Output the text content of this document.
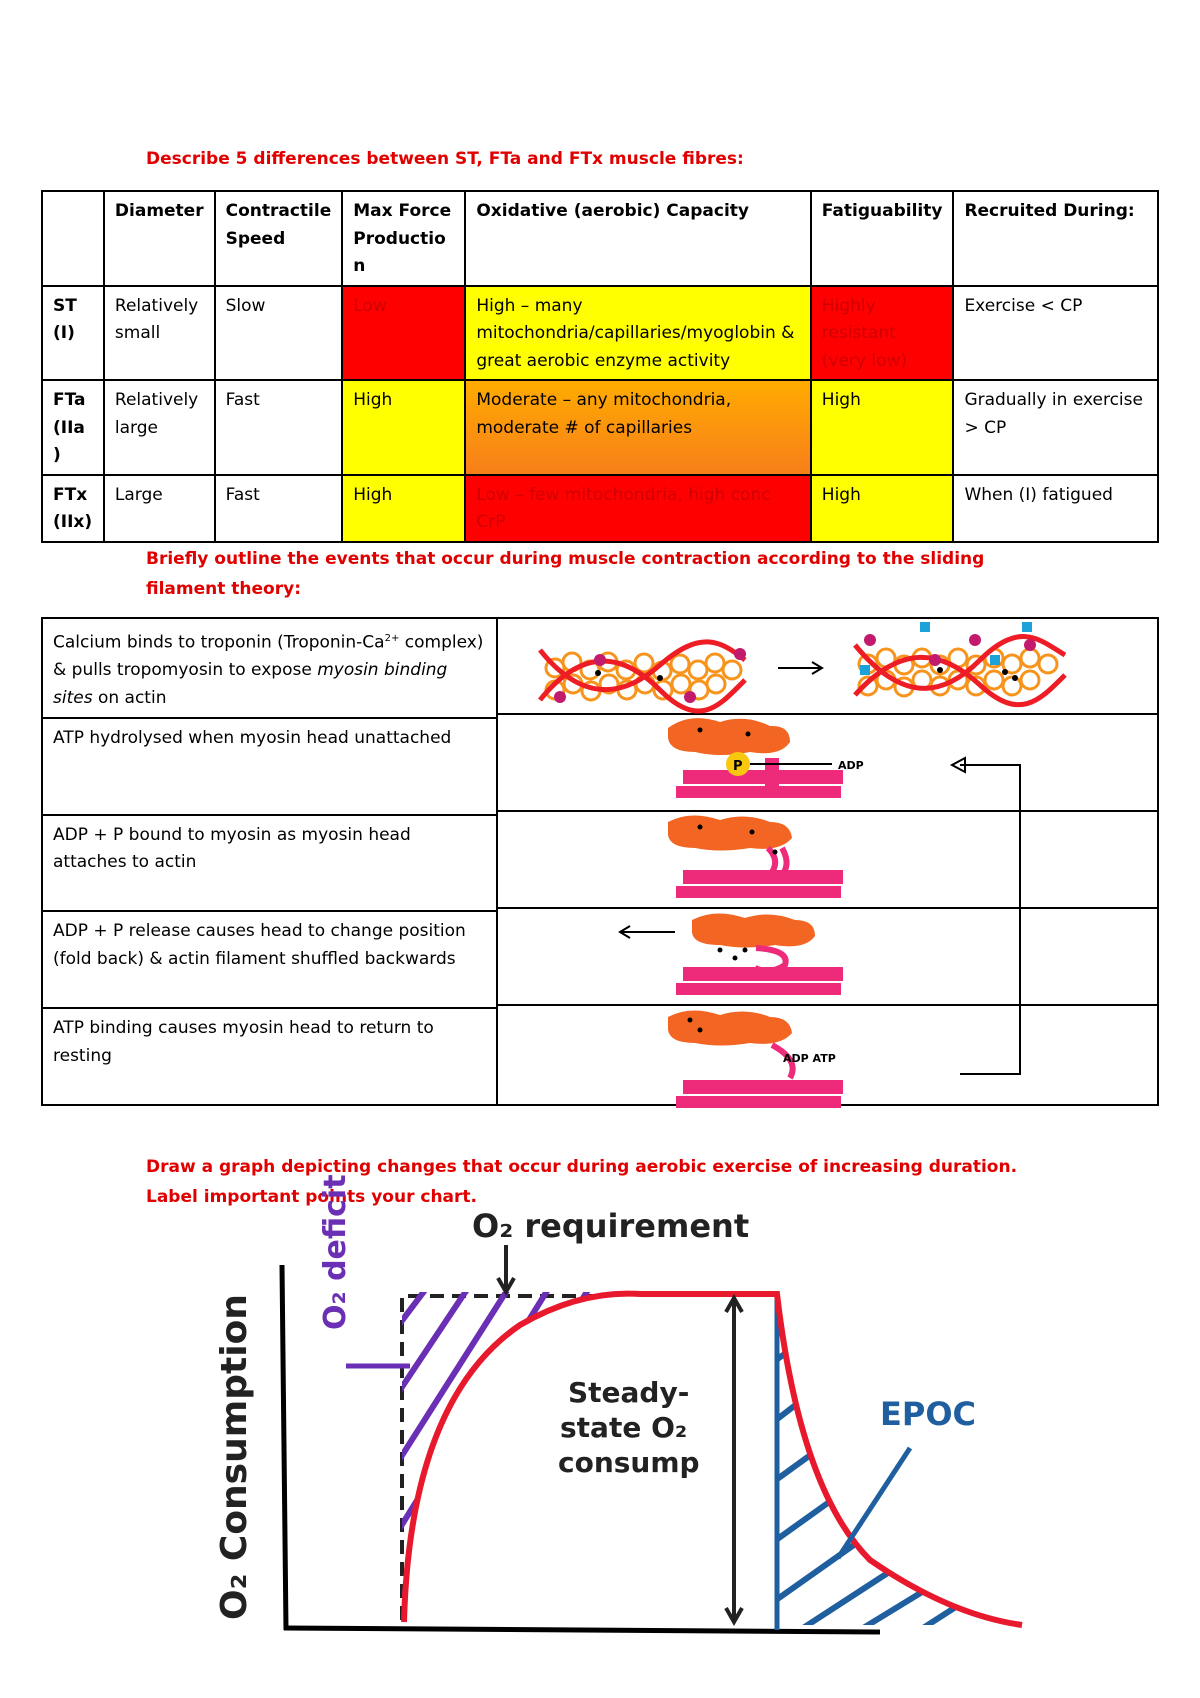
Describe 5 differences between ST, FTa and FTx muscle fibres:
	Diameter	Contractile Speed	Max Force Productio n	Oxidative (aerobic) Capacity	Fatiguability	Recruited During:
ST (I)	Relatively small	Slow	Low	High – many mitochondria/capillaries/myoglobin & great aerobic enzyme activity	Highly resistant (very low)	Exercise < CP
FTa (IIa )	Relatively large	Fast	High	Moderate – any mitochondria, moderate # of capillaries	High	Gradually in exercise > CP
FTx (IIx)	Large	Fast	High	Low – few mitochondria, high conc CrP	High	When (I) fatigued
Briefly outline the events that occur during muscle contraction according to the sliding filament theory:
Calcium binds to troponin ($Troponin-Ca^{2+}$ complex) & pulls tropomyosin to expose myosin binding sites on actin	

ATP hydrolysed when myosin head unattached
ADP + P bound to myosin as myosin head attaches to actin
ADP + P release causes head to change position (fold back) & actin filament shuffled backwards
ATP binding causes myosin head to return to resting
P	ADP
ADP ATP
Draw a graph depicting changes that occur during aerobic exercise of increasing duration. Label important points your chart.
O₂ requirement
O₂ deficit
O₂ Consumption	Steady-
state O₂
consump
EPOC
